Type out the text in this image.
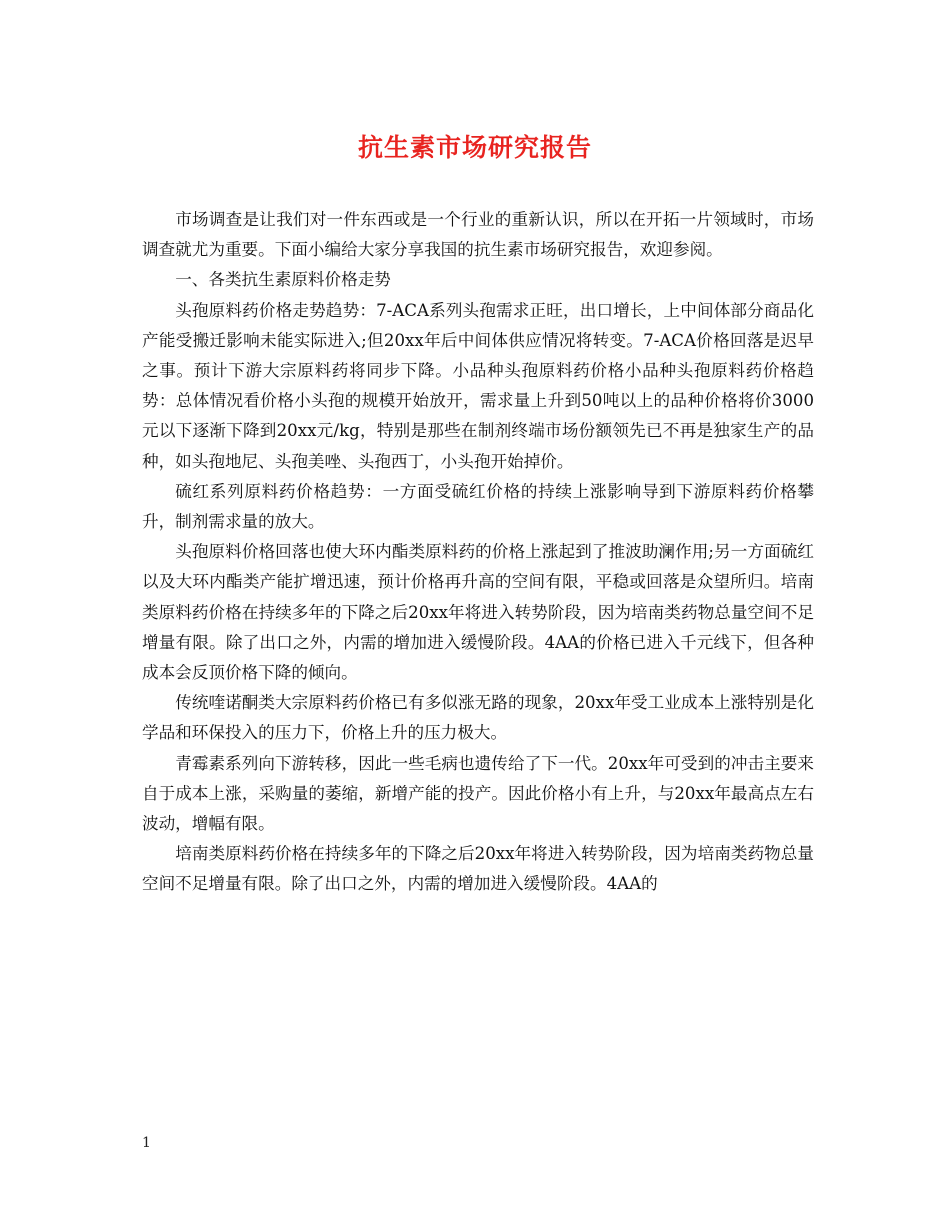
抗生素市场研究报告

市场调查是让我们对一件东西或是一个行业的重新认识，所以在开拓一片领域时，市场调查就尤为重要。下面小编给大家分享我国的抗生素市场研究报告，欢迎参阅。

一、各类抗生素原料价格走势

头孢原料药价格走势趋势：7-ACA系列头孢需求正旺，出口增长，上中间体部分商品化产能受搬迁影响未能实际进入;但20xx年后中间体供应情况将转变。7-ACA价格回落是迟早之事。预计下游大宗原料药将同步下降。小品种头孢原料药价格小品种头孢原料药价格趋势：总体情况看价格小头孢的规模开始放开，需求量上升到50吨以上的品种价格将价3000元以下逐渐下降到20xx元/kg，特别是那些在制剂终端市场份额领先已不再是独家生产的品种，如头孢地尼、头孢美唑、头孢西丁，小头孢开始掉价。

硫红系列原料药价格趋势：一方面受硫红价格的持续上涨影响导到下游原料药价格攀升，制剂需求量的放大。

头孢原料价格回落也使大环内酯类原料药的价格上涨起到了推波助澜作用;另一方面硫红以及大环内酯类产能扩增迅速，预计价格再升高的空间有限，平稳或回落是众望所归。培南类原料药价格在持续多年的下降之后20xx年将进入转势阶段，因为培南类药物总量空间不足增量有限。除了出口之外，内需的增加进入缓慢阶段。4AA的价格已进入千元线下，但各种成本会反顶价格下降的倾向。

传统喹诺酮类大宗原料药价格已有多似涨无路的现象，20xx年受工业成本上涨特别是化学品和环保投入的压力下，价格上升的压力极大。

青霉素系列向下游转移，因此一些毛病也遗传给了下一代。20xx年可受到的冲击主要来自于成本上涨，采购量的萎缩，新增产能的投产。因此价格小有上升，与20xx年最高点左右波动，增幅有限。

培南类原料药价格在持续多年的下降之后20xx年将进入转势阶段，因为培南类药物总量空间不足增量有限。除了出口之外，内需的增加进入缓慢阶段。4AA的

1
